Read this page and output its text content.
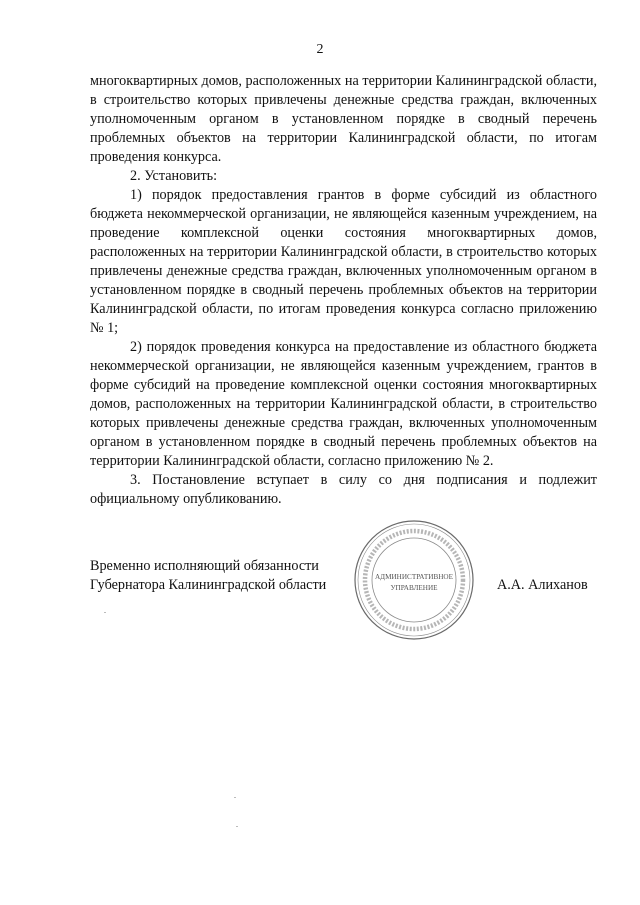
2

многоквартирных домов, расположенных на территории Калининградской области, в строительство которых привлечены денежные средства граждан, включенных уполномоченным органом в установленном порядке в сводный перечень проблемных объектов на территории Калининградской области, по итогам проведения конкурса.

2. Установить:

1) порядок предоставления грантов в форме субсидий из областного бюджета некоммерческой организации, не являющейся казенным учреждением, на проведение комплексной оценки состояния многоквартирных домов, расположенных на территории Калининградской области, в строительство которых привлечены денежные средства граждан, включенных уполномоченным органом в установленном порядке в сводный перечень проблемных объектов на территории Калининградской области, по итогам проведения конкурса согласно приложению № 1;

2) порядок проведения конкурса на предоставление из областного бюджета некоммерческой организации, не являющейся казенным учреждением, грантов в форме субсидий на проведение комплексной оценки состояния многоквартирных домов, расположенных на территории Калининградской области, в строительство которых привлечены денежные средства граждан, включенных уполномоченным органом в установленном порядке в сводный перечень проблемных объектов на территории Калининградской области, согласно приложению № 2.

3. Постановление вступает в силу со дня подписания и подлежит официальному опубликованию.

Временно исполняющий обязанности
Губернатора Калининградской области	АДМИНИСТРАТИВНОЕ
УПРАВЛЕНИЕ	А.А. Алиханов
